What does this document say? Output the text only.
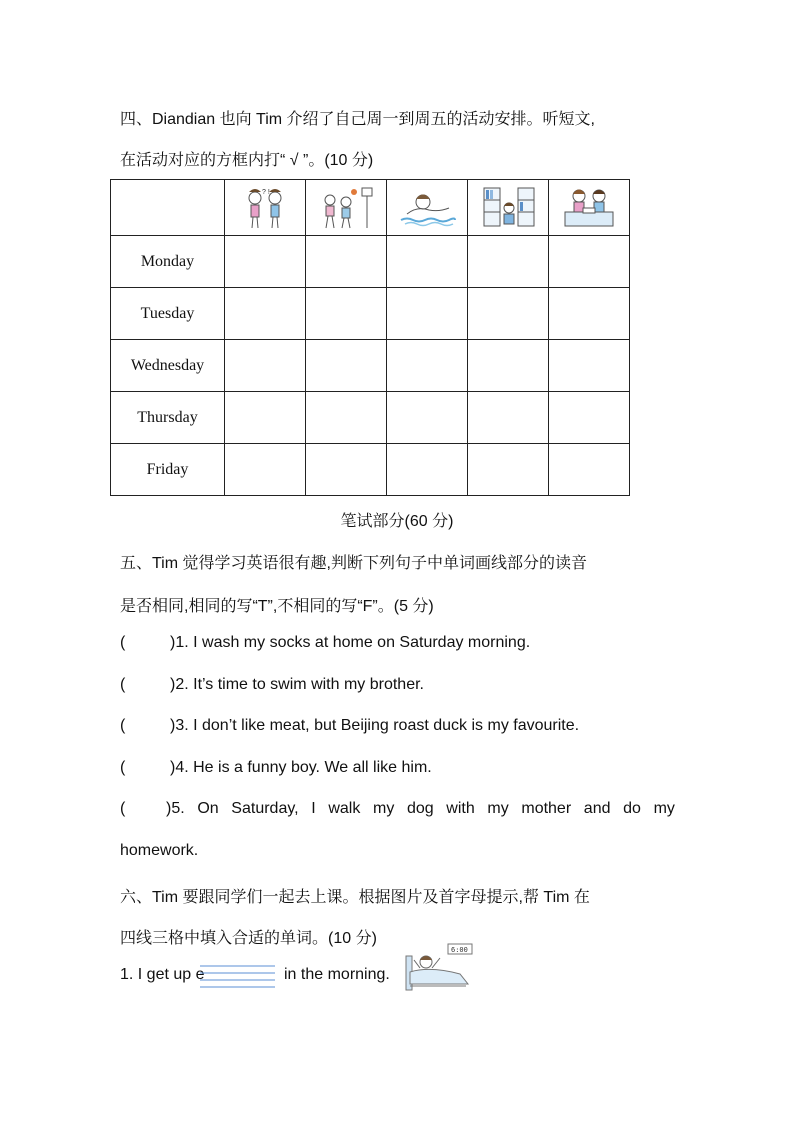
四、Diandian 也向 Tim 介绍了自己周一到周五的活动安排。听短文,
在活动对应的方框内打“ √ ”。(10 分)

? !

Monday					
Tuesday					
Wednesday					
Thursday					
Friday					
笔试部分(60 分)
五、Tim 觉得学习英语很有趣,判断下列句子中单词画线部分的读音
是否相同,相同的写“T”,不相同的写“F”。(5 分)
(	)1. I wash my socks at home on Saturday morning.
(	)2. It’s time to swim with my brother.
(	)3. I don’t like meat, but Beijing roast duck is my favourite.
(	)4. He is a funny boy. We all like him.
(	)5. On Saturday, I walk my dog with my mother and do my
homework.
六、Tim 要跟同学们一起去上课。根据图片及首字母提示,帮 Tim 在
四线三格中填入合适的单词。(10 分)
1. I get up e	in the morning.
6:00
